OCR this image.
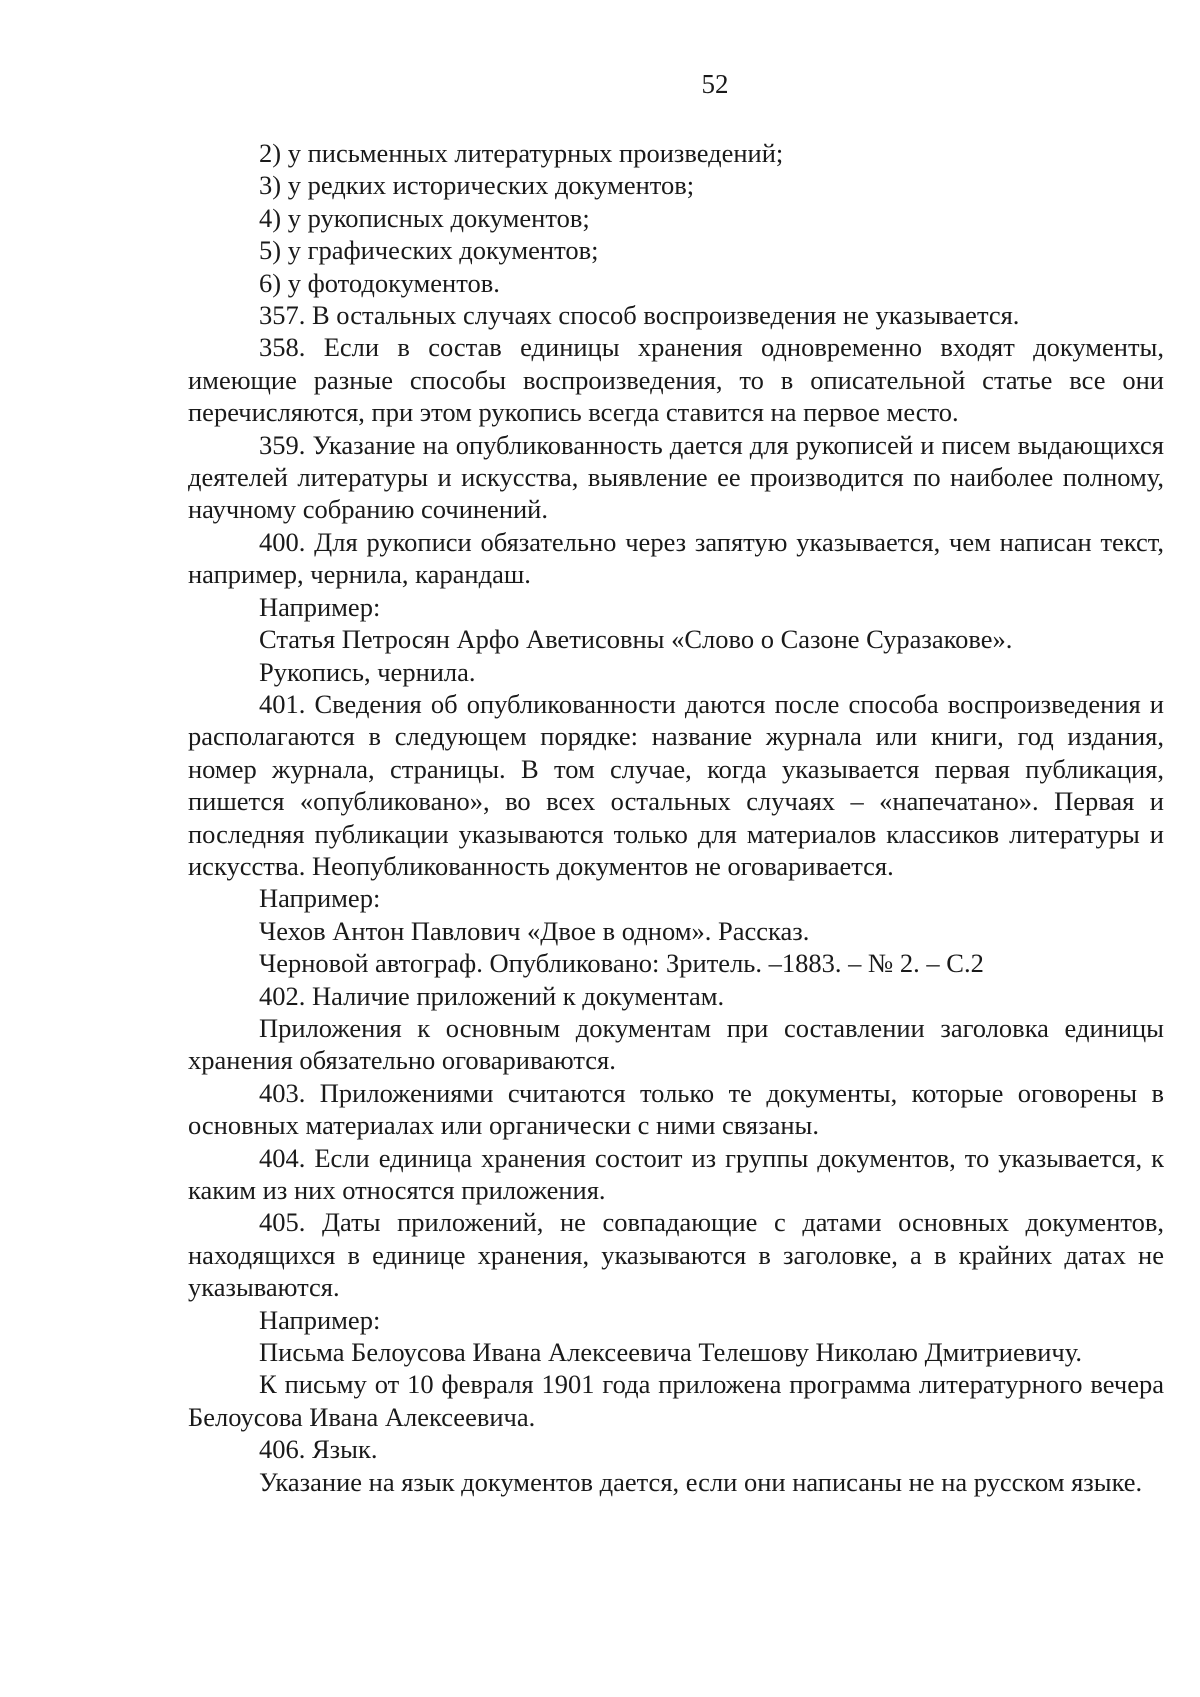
52

2) у письменных литературных произведений;

3) у редких исторических документов;

4) у рукописных документов;

5) у графических документов;

6) у фотодокументов.

357. В остальных случаях способ воспроизведения не указывается.

358. Если в состав единицы хранения одновременно входят документы, имеющие разные способы воспроизведения, то в описательной статье все они перечисляются, при этом рукопись всегда ставится на первое место.

359. Указание на опубликованность дается для рукописей и писем выдающихся деятелей литературы и искусства, выявление ее производится по наиболее полному, научному собранию сочинений.

400. Для рукописи обязательно через запятую указывается, чем написан текст, например, чернила, карандаш.

Например:

Статья Петросян Арфо Аветисовны «Слово о Сазоне Суразакове».

Рукопись, чернила.

401. Сведения об опубликованности даются после способа воспроизведения и располагаются в следующем порядке: название журнала или книги, год издания, номер журнала, страницы. В том случае, когда указывается первая публикация, пишется «опубликовано», во всех остальных случаях – «напечатано». Первая и последняя публикации указываются только для материалов классиков литературы и искусства. Неопубликованность документов не оговаривается.

Например:

Чехов Антон Павлович «Двое в одном». Рассказ.

Черновой автограф. Опубликовано: Зритель. –1883. – № 2. – С.2

402. Наличие приложений к документам.

Приложения к основным документам при составлении заголовка единицы хранения обязательно оговариваются.

403. Приложениями считаются только те документы, которые оговорены в основных материалах или органически с ними связаны.

404. Если единица хранения состоит из группы документов, то указывается, к каким из них относятся приложения.

405. Даты приложений, не совпадающие с датами основных документов, находящихся в единице хранения, указываются в заголовке, а в крайних датах не указываются.

Например:

Письма Белоусова Ивана Алексеевича Телешову Николаю Дмитриевичу.

К письму от 10 февраля 1901 года приложена программа литературного вечера Белоусова Ивана Алексеевича.

406. Язык.

Указание на язык документов дается, если они написаны не на русском языке.
